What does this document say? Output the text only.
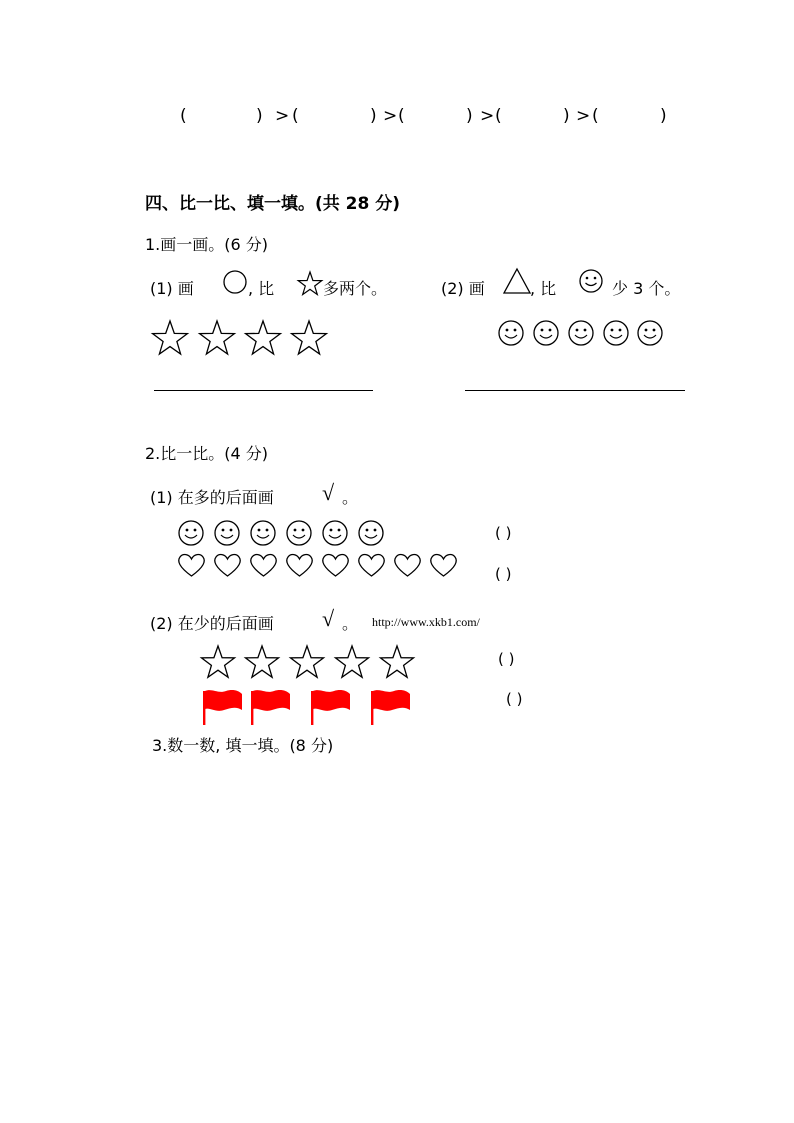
(	) > (	) > (	) > (	) > (	)
四、比一比、填一填。(共 28 分)
1.画一画。(6 分)
(1) 画	, 比	多两个。	(2) 画	, 比	少 3 个。
2.比一比。(4 分)
(1) 在多的后面画 √ 。
( )
( )
(2) 在少的后面画 √ 。 http://www.xkb1.com/
( )
( )
3.数一数, 填一填。(8 分)
